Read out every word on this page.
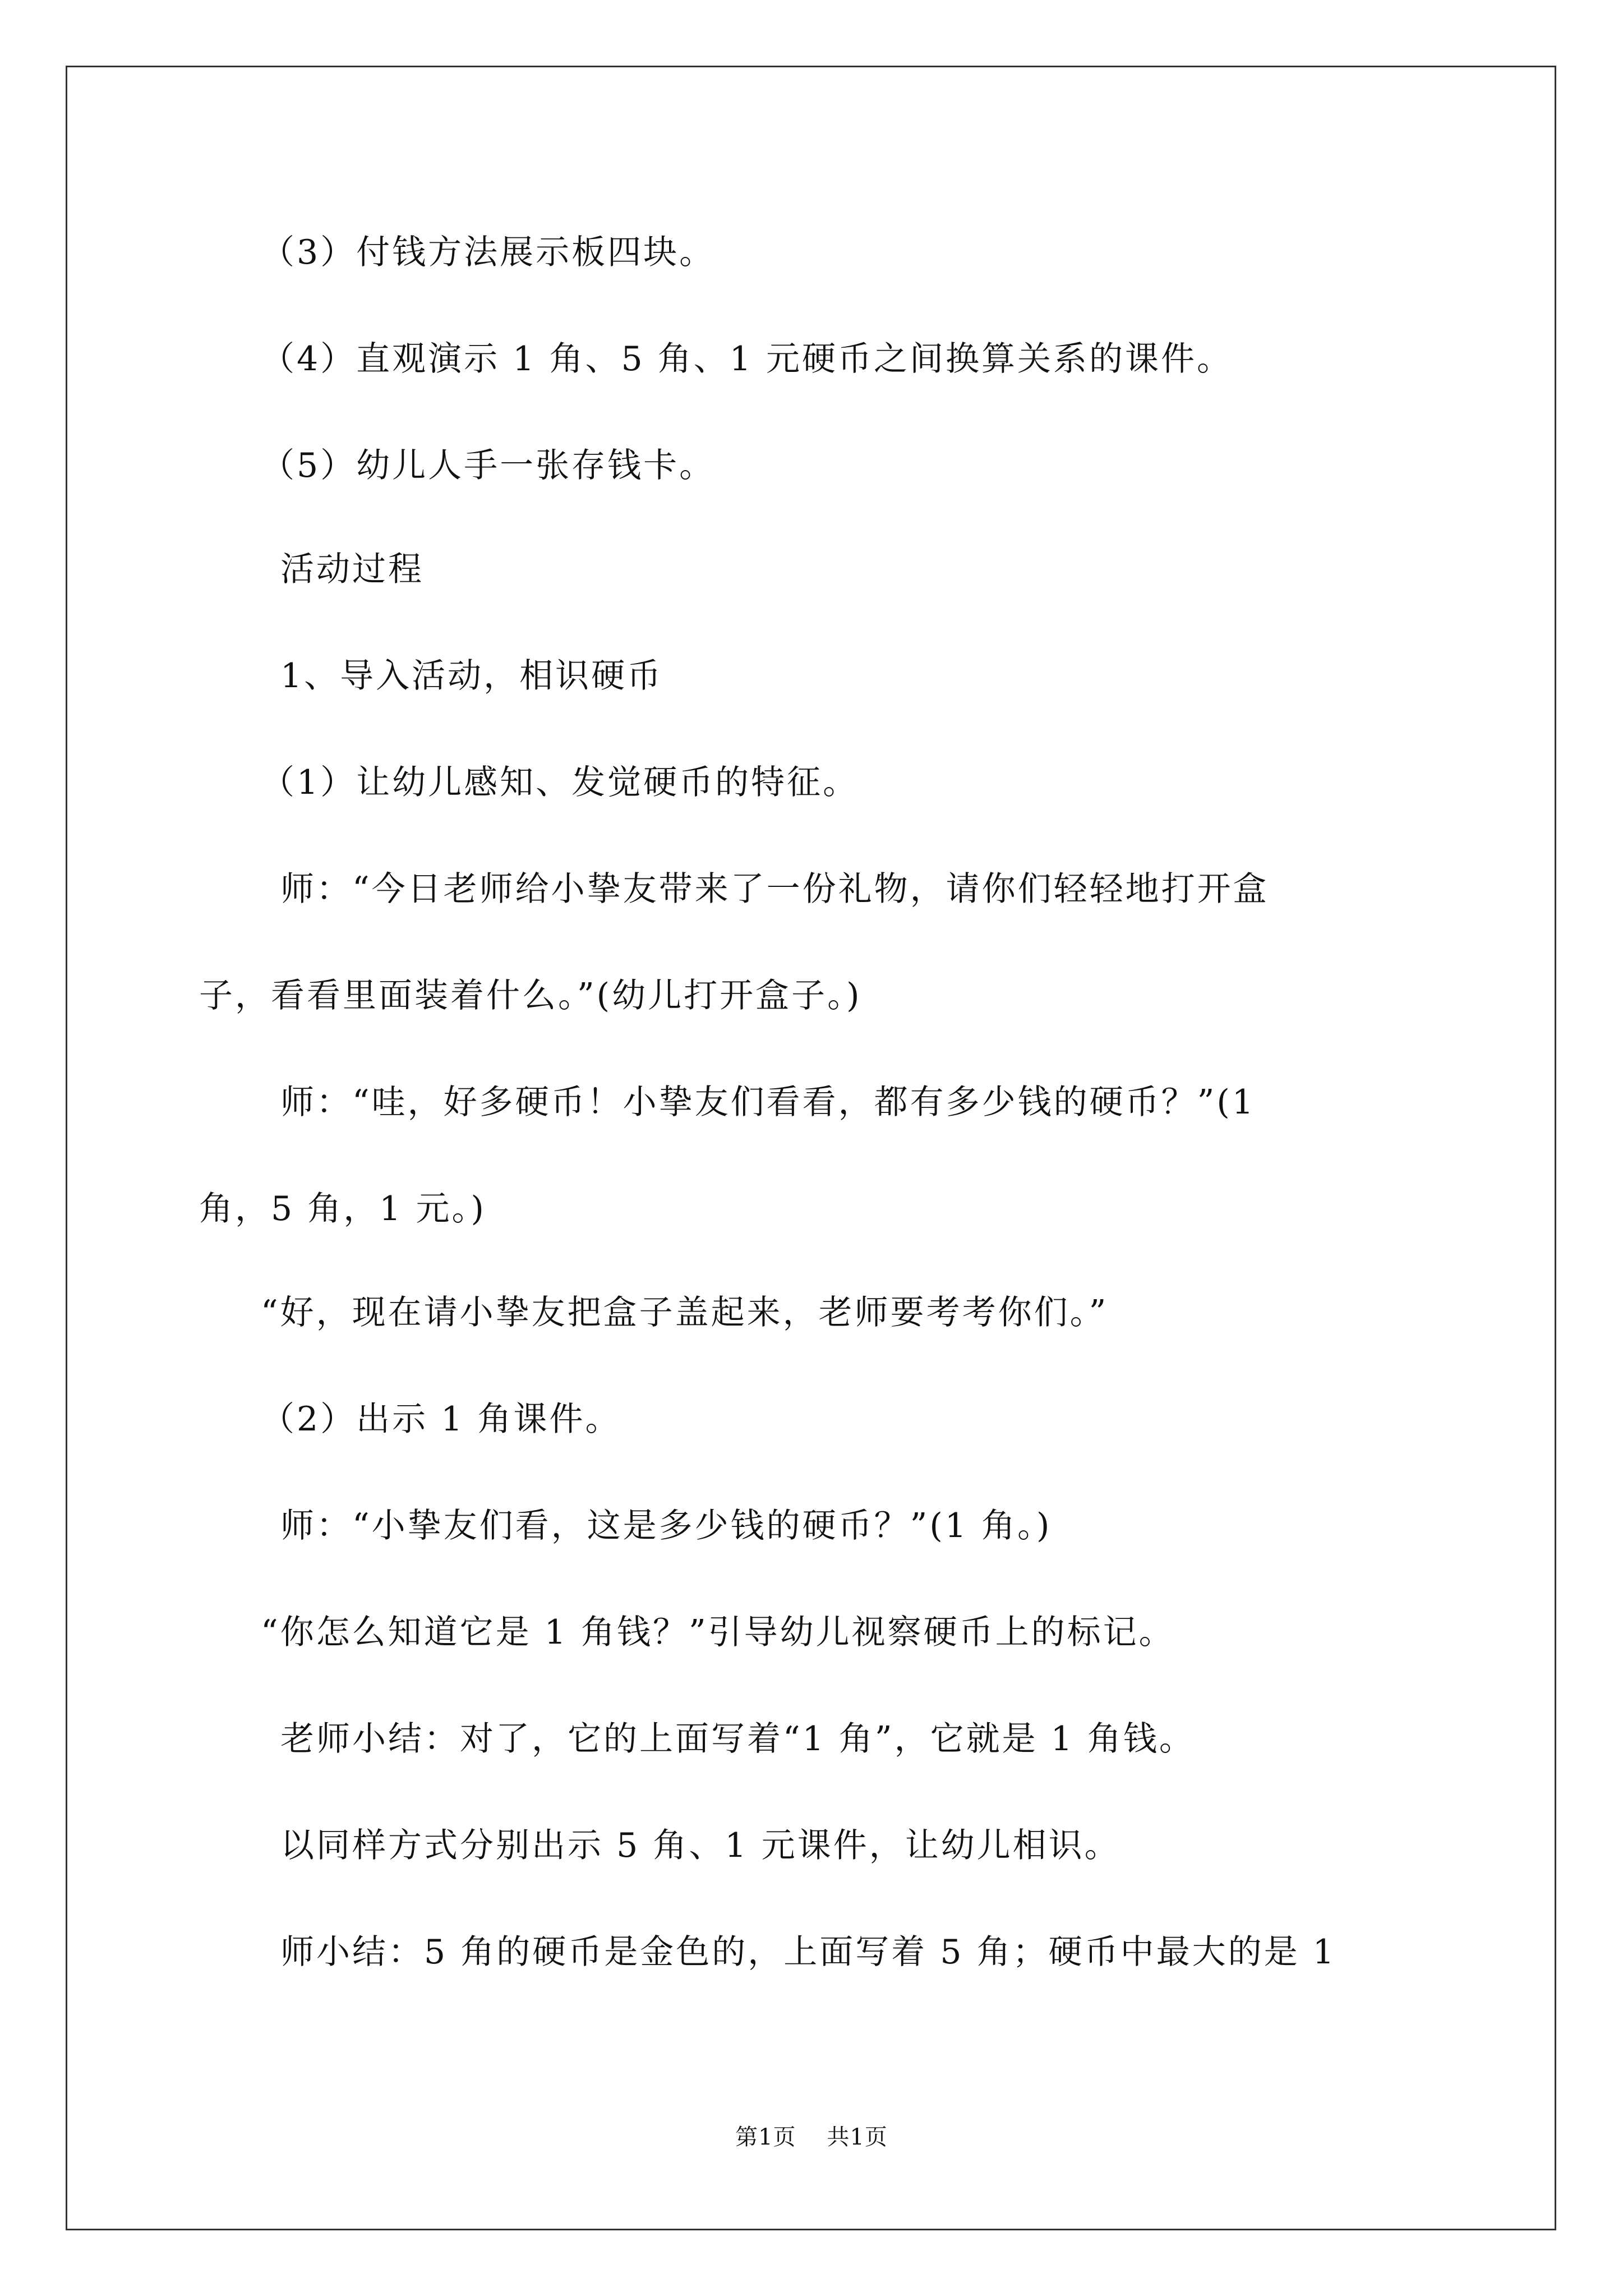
（3）付钱方法展示板四块。
（4）直观演示 1 角、5 角、1 元硬币之间换算关系的课件。
（5）幼儿人手一张存钱卡。
活动过程
1、导入活动，相识硬币
（1）让幼儿感知、发觉硬币的特征。
师：“今日老师给小挚友带来了一份礼物，请你们轻轻地打开盒
子，看看里面装着什么。”(幼儿打开盒子。)
师：“哇，好多硬币！小挚友们看看，都有多少钱的硬币？”(1
角，5 角，1 元。)
“好，现在请小挚友把盒子盖起来，老师要考考你们。”
（2）出示 1 角课件。
师：“小挚友们看，这是多少钱的硬币？”(1 角。)
“你怎么知道它是 1 角钱？”引导幼儿视察硬币上的标记。
老师小结：对了，它的上面写着“1 角”，它就是 1 角钱。
以同样方式分别出示 5 角、1 元课件，让幼儿相识。
师小结：5 角的硬币是金色的，上面写着 5 角；硬币中最大的是 1
第1页    共1页
